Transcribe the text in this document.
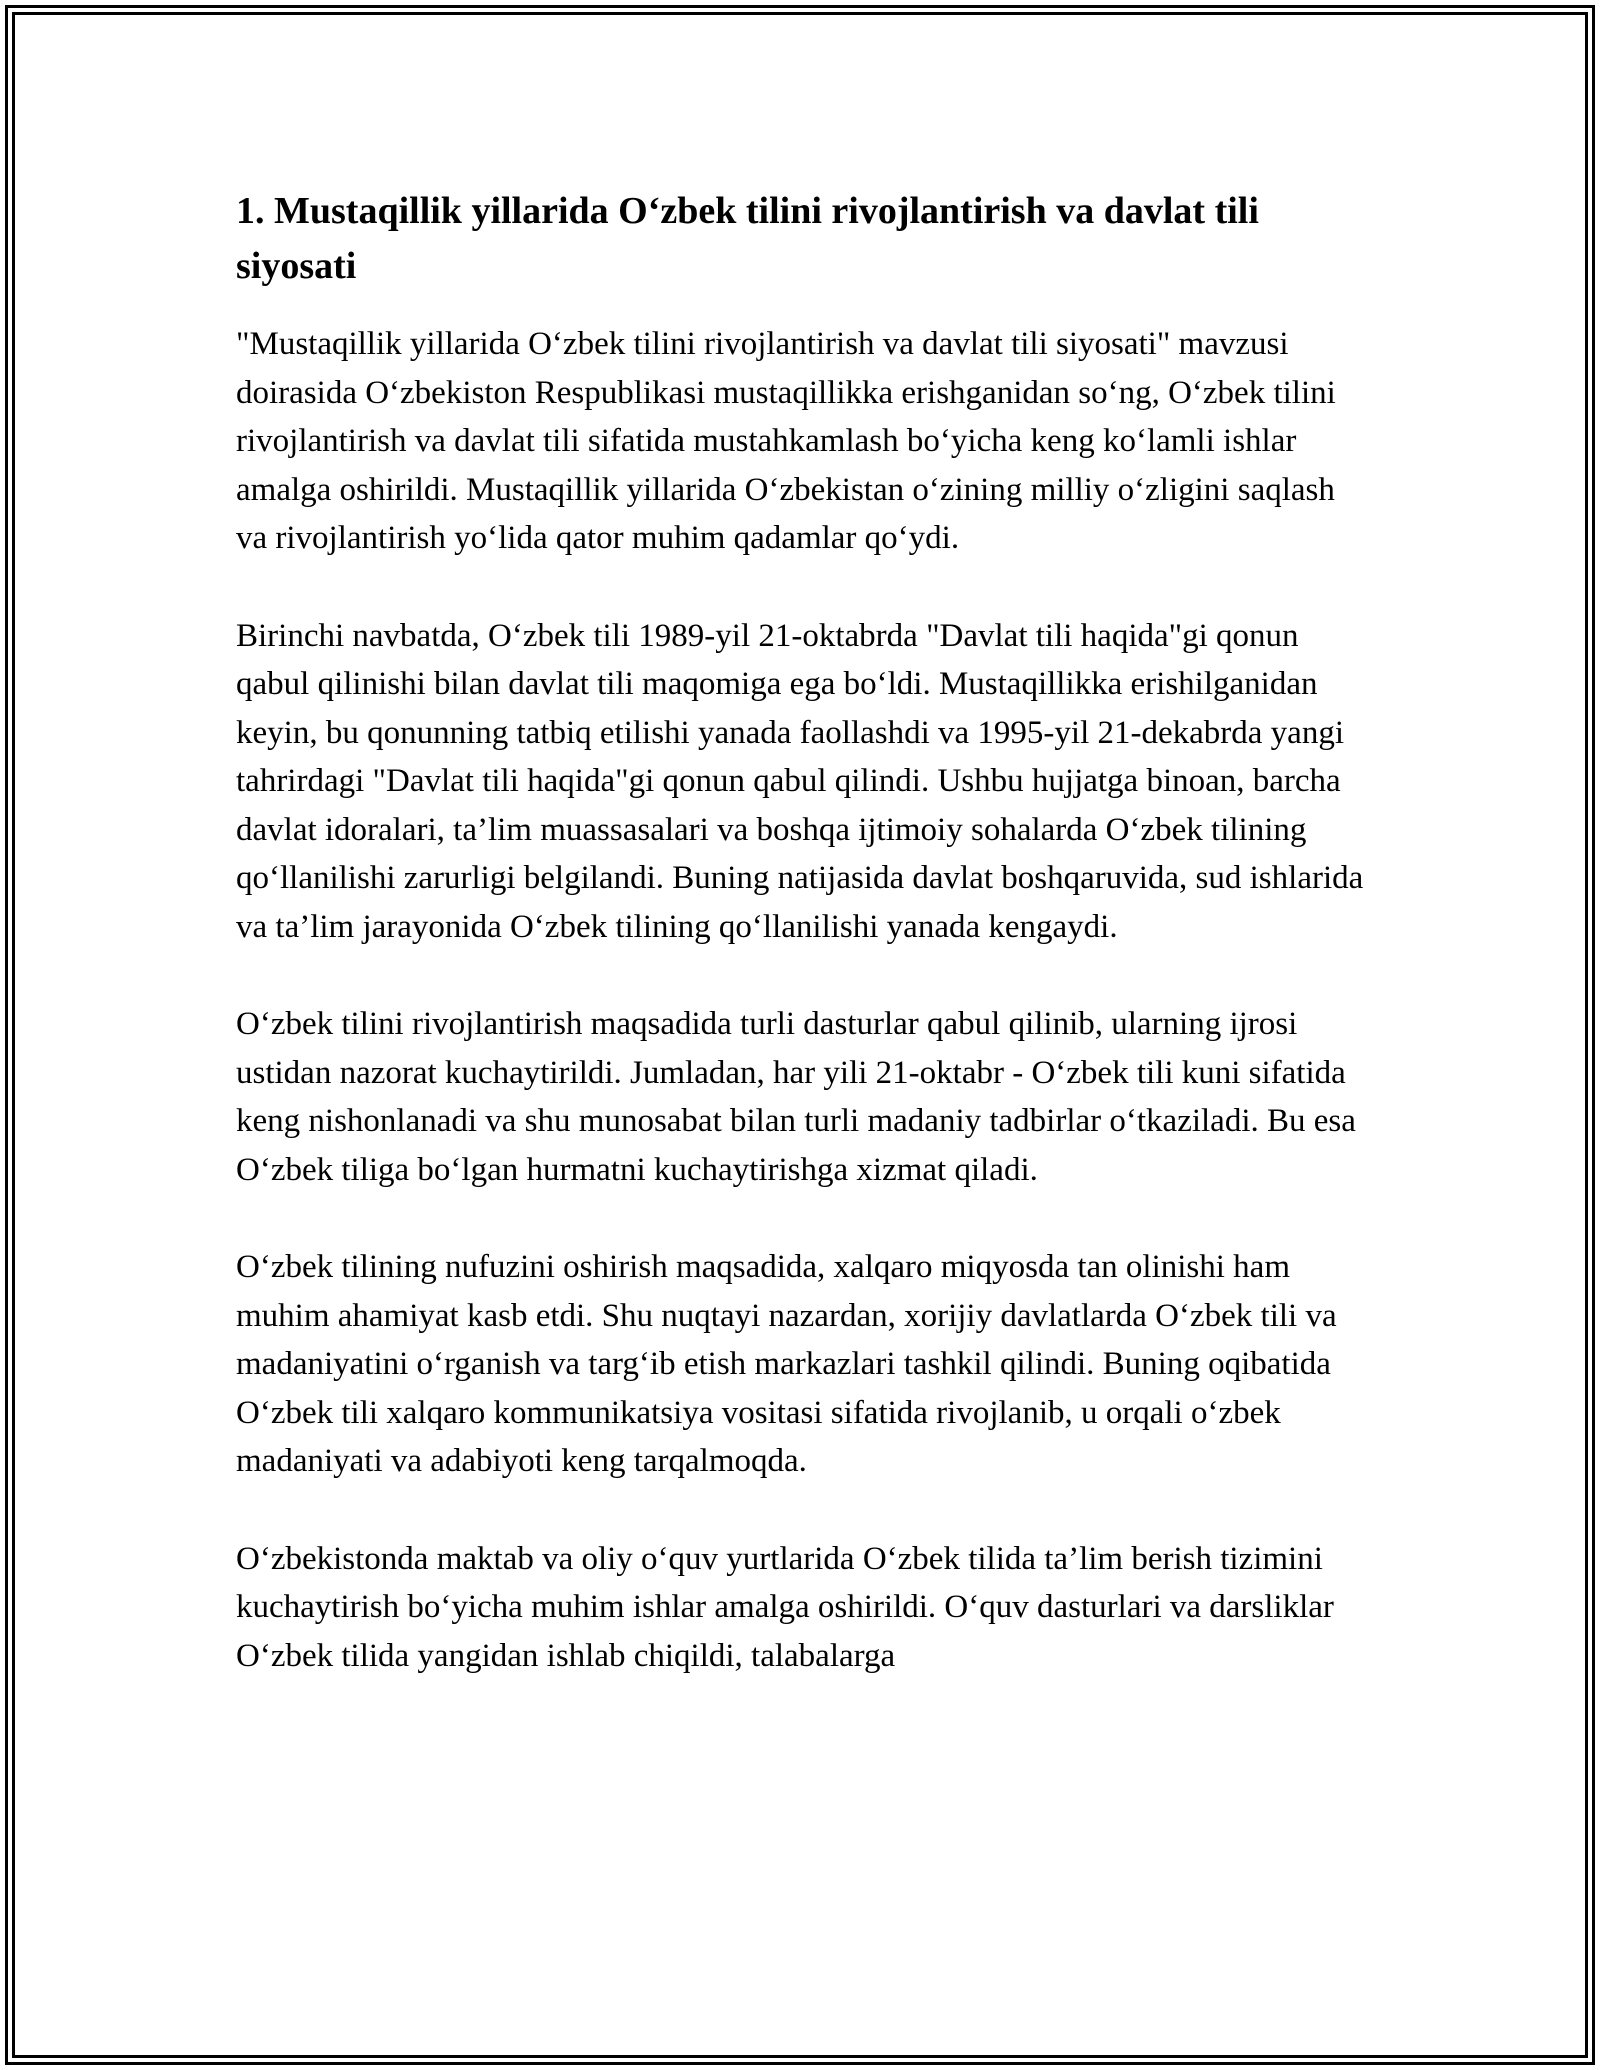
1. Mustaqillik yillarida O‘zbek tilini rivojlantirish va davlat tili siyosati

"Mustaqillik yillarida O‘zbek tilini rivojlantirish va davlat tili siyosati" mavzusi doirasida O‘zbekiston Respublikasi mustaqillikka erishganidan so‘ng, O‘zbek tilini rivojlantirish va davlat tili sifatida mustahkamlash bo‘yicha keng ko‘lamli ishlar amalga oshirildi. Mustaqillik yillarida O‘zbekistan o‘zining milliy o‘zligini saqlash va rivojlantirish yo‘lida qator muhim qadamlar qo‘ydi.

Birinchi navbatda, O‘zbek tili 1989-yil 21-oktabrda "Davlat tili haqida"gi qonun qabul qilinishi bilan davlat tili maqomiga ega bo‘ldi. Mustaqillikka erishilganidan keyin, bu qonunning tatbiq etilishi yanada faollashdi va 1995-yil 21-dekabrda yangi tahrirdagi "Davlat tili haqida"gi qonun qabul qilindi. Ushbu hujjatga binoan, barcha davlat idoralari, ta’lim muassasalari va boshqa ijtimoiy sohalarda O‘zbek tilining qo‘llanilishi zarurligi belgilandi. Buning natijasida davlat boshqaruvida, sud ishlarida va ta’lim jarayonida O‘zbek tilining qo‘llanilishi yanada kengaydi.

O‘zbek tilini rivojlantirish maqsadida turli dasturlar qabul qilinib, ularning ijrosi ustidan nazorat kuchaytirildi. Jumladan, har yili 21-oktabr - O‘zbek tili kuni sifatida keng nishonlanadi va shu munosabat bilan turli madaniy tadbirlar o‘tkaziladi. Bu esa O‘zbek tiliga bo‘lgan hurmatni kuchaytirishga xizmat qiladi.

O‘zbek tilining nufuzini oshirish maqsadida, xalqaro miqyosda tan olinishi ham muhim ahamiyat kasb etdi. Shu nuqtayi nazardan, xorijiy davlatlarda O‘zbek tili va madaniyatini o‘rganish va targ‘ib etish markazlari tashkil qilindi. Buning oqibatida O‘zbek tili xalqaro kommunikatsiya vositasi sifatida rivojlanib, u orqali o‘zbek madaniyati va adabiyoti keng tarqalmoqda.

O‘zbekistonda maktab va oliy o‘quv yurtlarida O‘zbek tilida ta’lim berish tizimini kuchaytirish bo‘yicha muhim ishlar amalga oshirildi. O‘quv dasturlari va darsliklar O‘zbek tilida yangidan ishlab chiqildi, talabalarga
